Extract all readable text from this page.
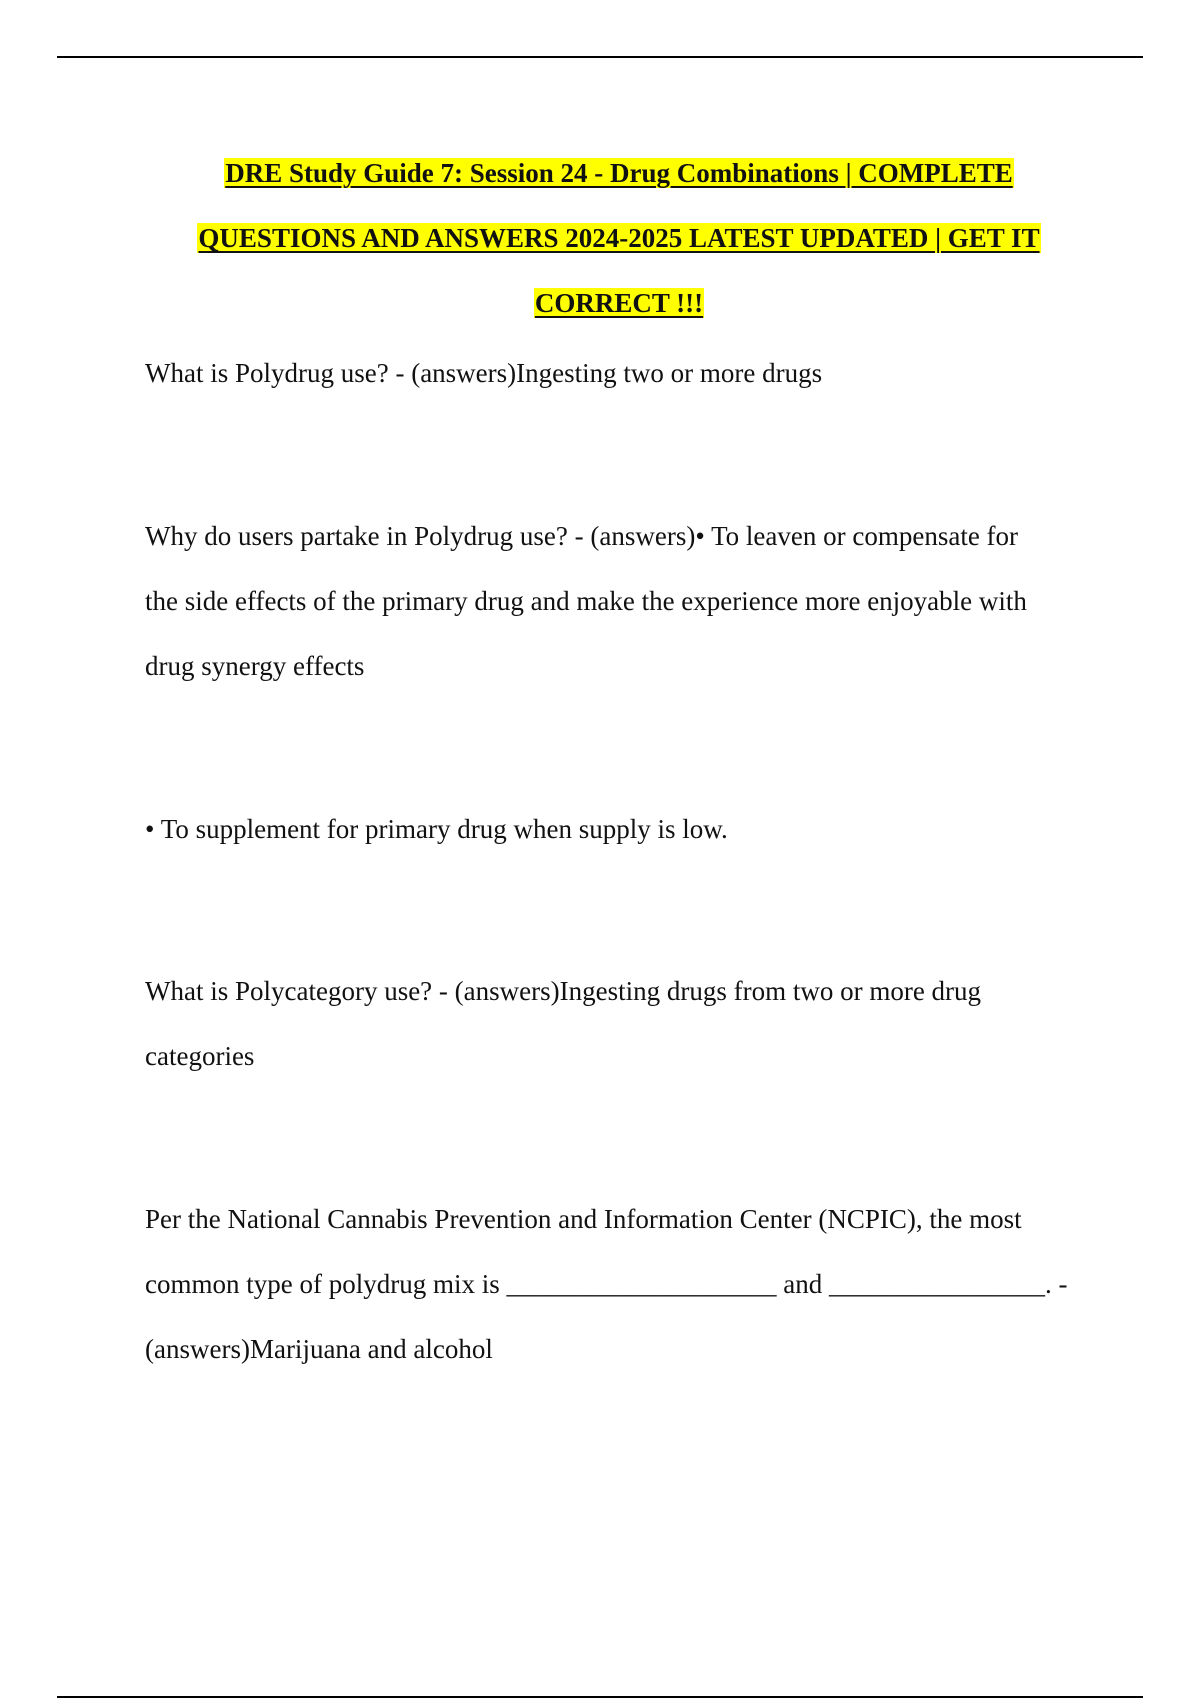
DRE Study Guide 7: Session 24 - Drug Combinations | COMPLETE
QUESTIONS AND ANSWERS 2024-2025 LATEST UPDATED | GET IT
CORRECT !!!
What is Polydrug use? - (answers)Ingesting two or more drugs
Why do users partake in Polydrug use? - (answers)• To leaven or compensate for
the side effects of the primary drug and make the experience more enjoyable with
drug synergy effects
• To supplement for primary drug when supply is low.
What is Polycategory use? - (answers)Ingesting drugs from two or more drug
categories
Per the National Cannabis Prevention and Information Center (NCPIC), the most
common type of polydrug mix is ____________________ and ________________. -
(answers)Marijuana and alcohol
